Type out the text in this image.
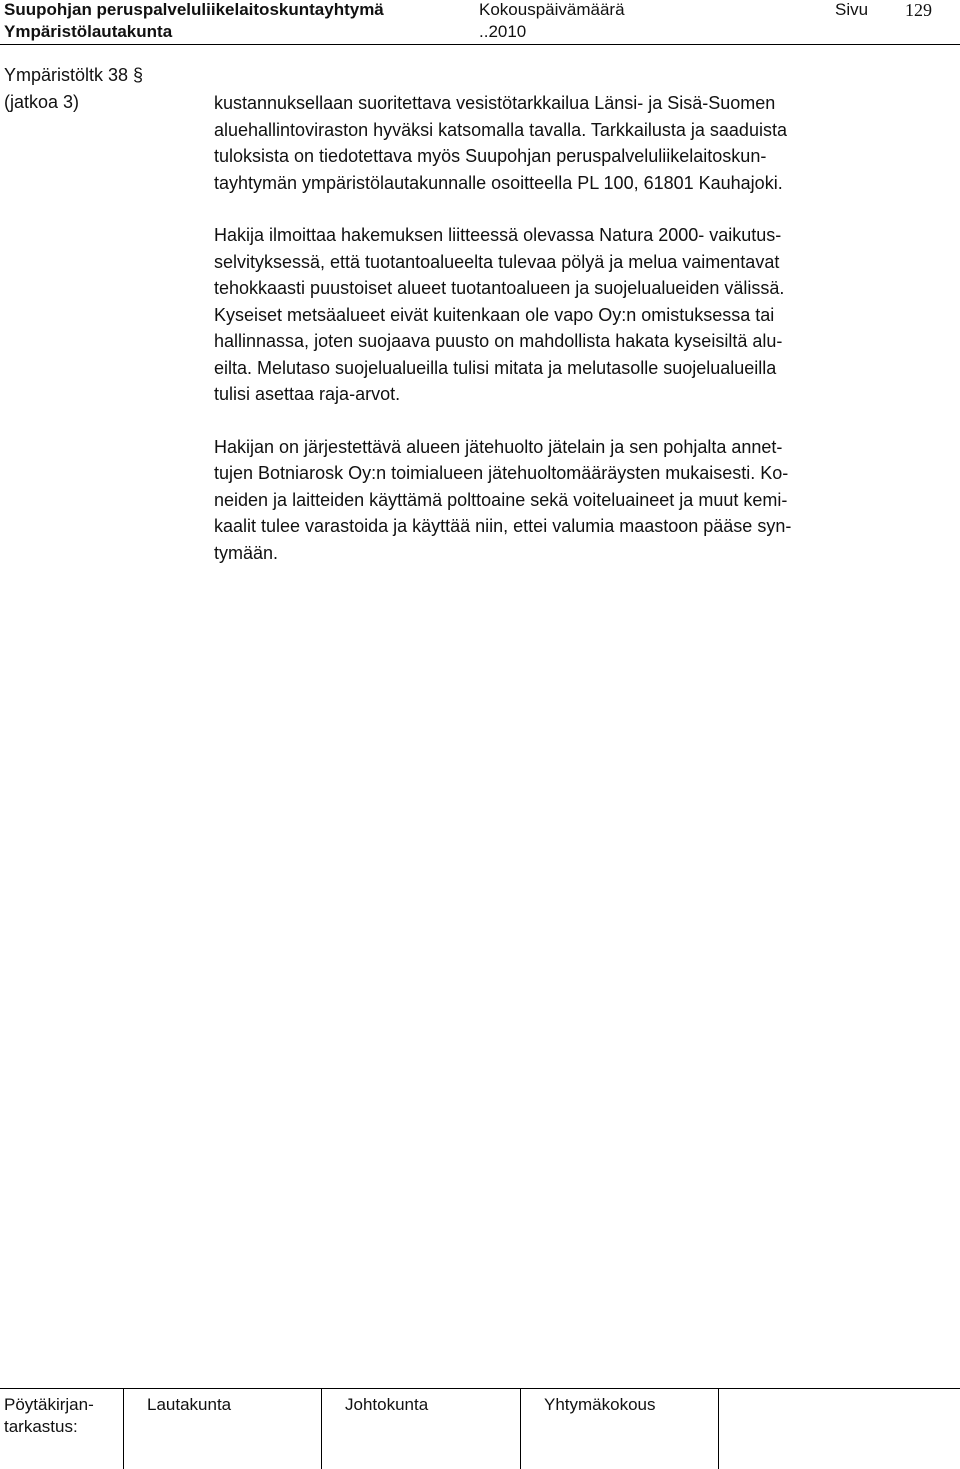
Suupohjan peruspalveluliikelaitoskuntayhtymä	Kokouspäivämäärä	Sivu 129
Ympäristölautakunta	..2010
Ympäristöltk 38 §
(jatkoa 3)	kustannuksellaan suoritettava vesistötarkkailua Länsi- ja Sisä-Suomen
aluehallintoviraston hyväksi katsomalla tavalla. Tarkkailusta ja saaduista
tuloksista on tiedotettava myös Suupohjan peruspalveluliikelaitoskun-
tayhtymän ympäristölautakunnalle osoitteella PL 100, 61801 Kauhajoki.
Hakija ilmoittaa hakemuksen liitteessä olevassa Natura 2000- vaikutus-
selvityksessä, että tuotantoalueelta tulevaa pölyä ja melua vaimentavat
tehokkaasti puustoiset alueet tuotantoalueen ja suojelualueiden välissä.
Kyseiset metsäalueet eivät kuitenkaan ole vapo Oy:n omistuksessa tai
hallinnassa, joten suojaava puusto on mahdollista hakata kyseisiltä alu-
eilta. Melutaso suojelualueilla tulisi mitata ja melutasolle suojelualueilla
tulisi asettaa raja-arvot.
Hakijan on järjestettävä alueen jätehuolto jätelain ja sen pohjalta annet-
tujen Botniarosk Oy:n toimialueen jätehuoltomääräysten mukaisesti. Ko-
neiden ja laitteiden käyttämä polttoaine sekä voiteluaineet ja muut kemi-
kaalit tulee varastoida ja käyttää niin, ettei valumia maastoon pääse syn-
tymään.
Pöytäkirjan-
tarkastus:
Lautakunta	Johtokunta	Yhtymäkokous
